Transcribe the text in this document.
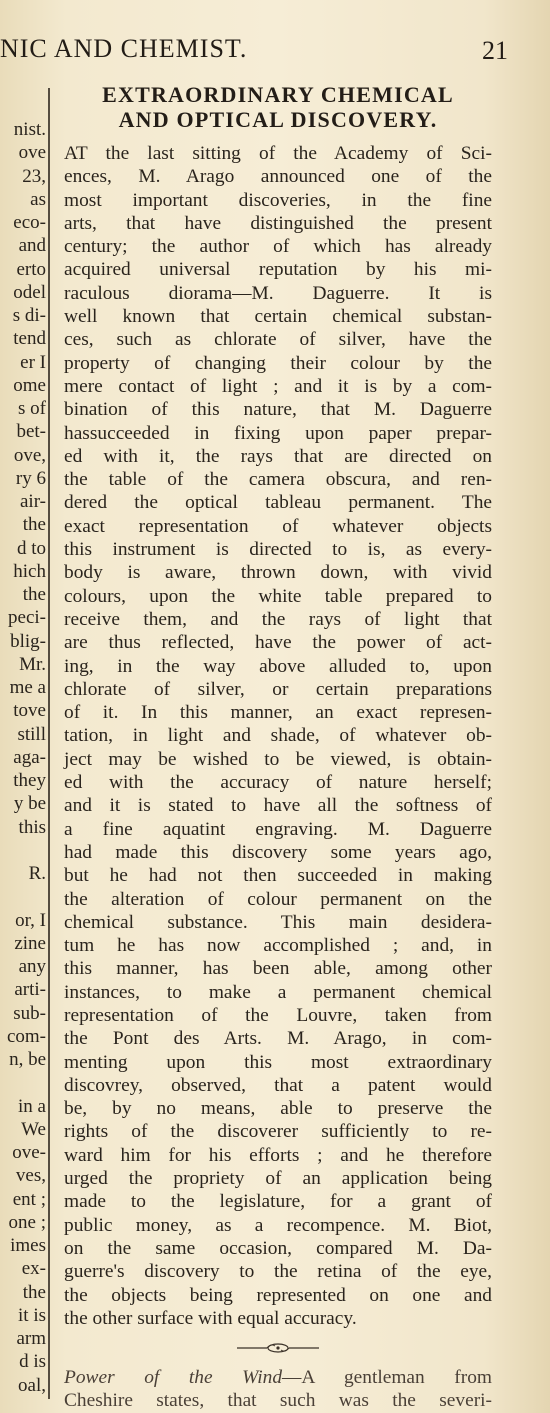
NIC AND CHEMIST.	21
nist.
ove
23,
as
eco-
and
erto
odel
s di-
tend
er I
ome
s of
bet-
ove,
ry 6
air-
the
d to
hich
the
peci-
blig-
Mr.
me a
tove
still
aga-
they
y be
this
R.
or, I
zine
any
arti-
sub-
com-
n, be
in a
We
ove-
ves,
ent ;
one ;
imes
ex-
the
it is
arm
d is
oal,
EXTRAORDINARY CHEMICAL
AND OPTICAL DISCOVERY.
AT the last sitting of the Academy of Sci-
ences, M. Arago announced one of the
most important discoveries, in the fine
arts, that have distinguished the present
century; the author of which has already
acquired universal reputation by his mi-
raculous diorama—M. Daguerre. It is
well known that certain chemical substan-
ces, such as chlorate of silver, have the
property of changing their colour by the
mere contact of light ; and it is by a com-
bination of this nature, that M. Daguerre
hassucceeded in fixing upon paper prepar-
ed with it, the rays that are directed on
the table of the camera obscura, and ren-
dered the optical tableau permanent. The
exact representation of whatever objects
this instrument is directed to is, as every-
body is aware, thrown down, with vivid
colours, upon the white table prepared to
receive them, and the rays of light that
are thus reflected, have the power of act-
ing, in the way above alluded to, upon
chlorate of silver, or certain preparations
of it. In this manner, an exact represen-
tation, in light and shade, of whatever ob-
ject may be wished to be viewed, is obtain-
ed with the accuracy of nature herself;
and it is stated to have all the softness of
a fine aquatint engraving. M. Daguerre
had made this discovery some years ago,
but he had not then succeeded in making
the alteration of colour permanent on the
chemical substance. This main desidera-
tum he has now accomplished ; and, in
this manner, has been able, among other
instances, to make a permanent chemical
representation of the Louvre, taken from
the Pont des Arts. M. Arago, in com-
menting upon this most extraordinary
discovrey, observed, that a patent would
be, by no means, able to preserve the
rights of the discoverer sufficiently to re-
ward him for his efforts ; and he therefore
urged the propriety of an application being
made to the legislature, for a grant of
public money, as a recompence. M. Biot,
on the same occasion, compared M. Da-
guerre's discovery to the retina of the eye,
the objects being represented on one and
the other surface with equal accuracy.
Power of the Wind—A gentleman from
Cheshire states, that such was the severi-
